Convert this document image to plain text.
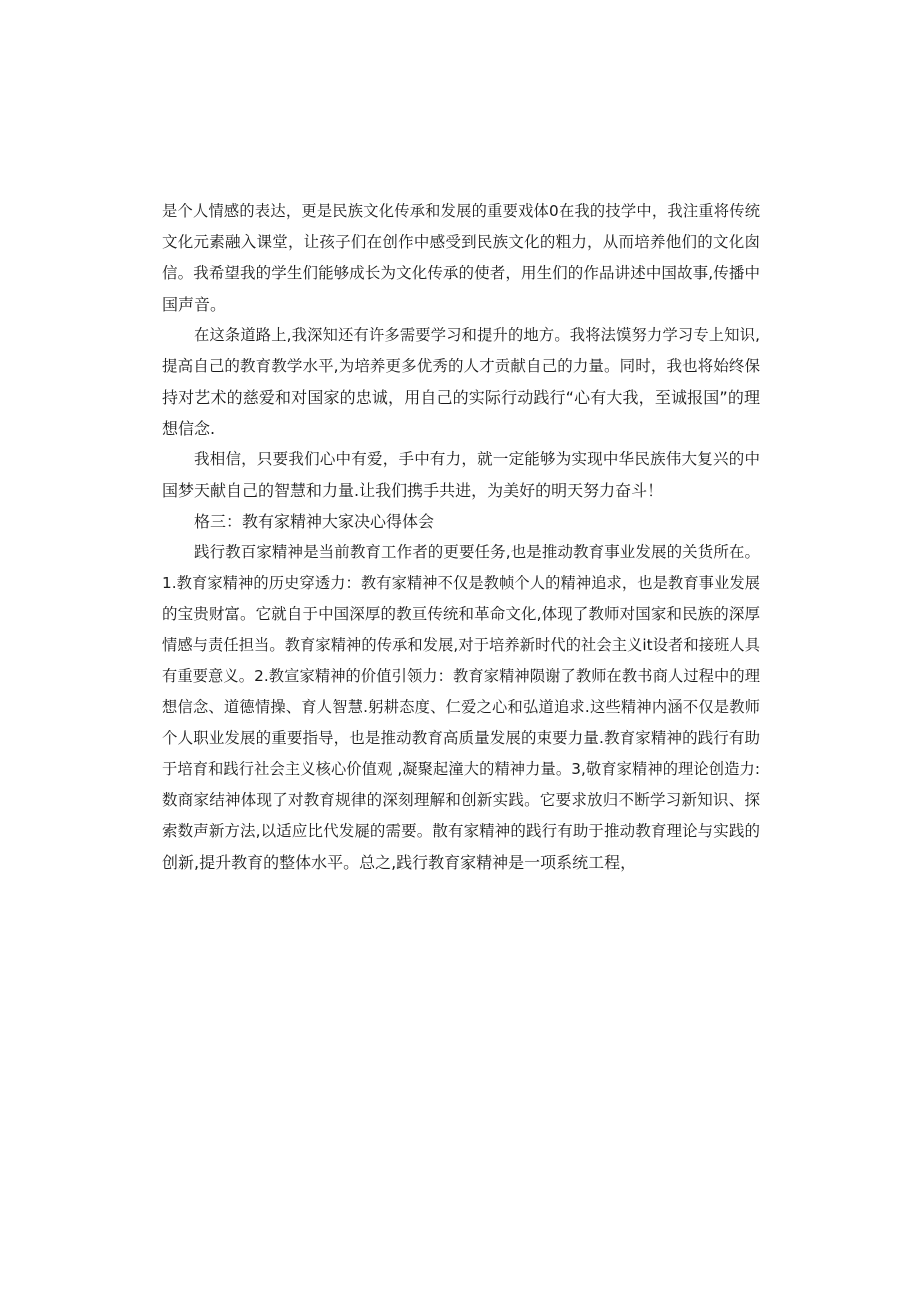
是个人情感的表达，更是民族文化传承和发展的重要戏体0在我的技学中，我注重将传统
文化元素融入课堂，让孩子们在创作中感受到民族文化的粗力，从而培养他们的文化囱
信。我希望我的学生们能够成长为文化传承的使者，用生们的作品讲述中国故事,传播中
国声音。
在这条道路上,我深知还有许多需要学习和提升的地方。我将法馍努力学习专上知识,
提高自己的教育教学水平,为培养更多优秀的人才贡献自己的力量。同时，我也将始终保
持对艺术的慈爱和对国家的忠诚，用自己的实际行动践行“心有大我，至诚报国”的理
想信念.
我相信，只要我们心中有爱，手中有力，就一定能够为实现中华民族伟大复兴的中
国梦天献自己的智慧和力量.让我们携手共进，为美好的明天努力奋斗！
格三：教有家精神大家决心得体会
践行教百家精神是当前教育工作者的更要任务,也是推动教育事业发展的关货所在。
1.教育家精神的历史穿透力：教有家精神不仅是教帧个人的精神追求，也是教育事业发展
的宝贵财富。它就自于中国深厚的教亘传统和革命文化,体现了教师对国家和民族的深厚
情感与责任担当。教育家精神的传承和发展,对于培养新时代的社会主义it设者和接班人具
有重要意义。2.教宣家精神的价值引领力：教育家精神陨谢了教师在教书商人过程中的理
想信念、道德情操、育人智慧.躬耕态度、仁爱之心和弘道追求.这些精神内涵不仅是教师
个人职业发展的重要指导，也是推动教育高质量发展的束要力量.教育家精神的践行有助
于培育和践行社会主义核心价值观 ,凝聚起潼大的精神力量。3,敬育家精神的理论创造力:
数商家结神体现了对教育规律的深刻理解和创新实践。它要求放归不断学习新知识、探
索数声新方法,以适应比代发屣的需要。散有家精神的践行有助于推动教育理论与实践的
创新,提升教育的整体水平。总之,践行教育家精神是一项系统工程，
